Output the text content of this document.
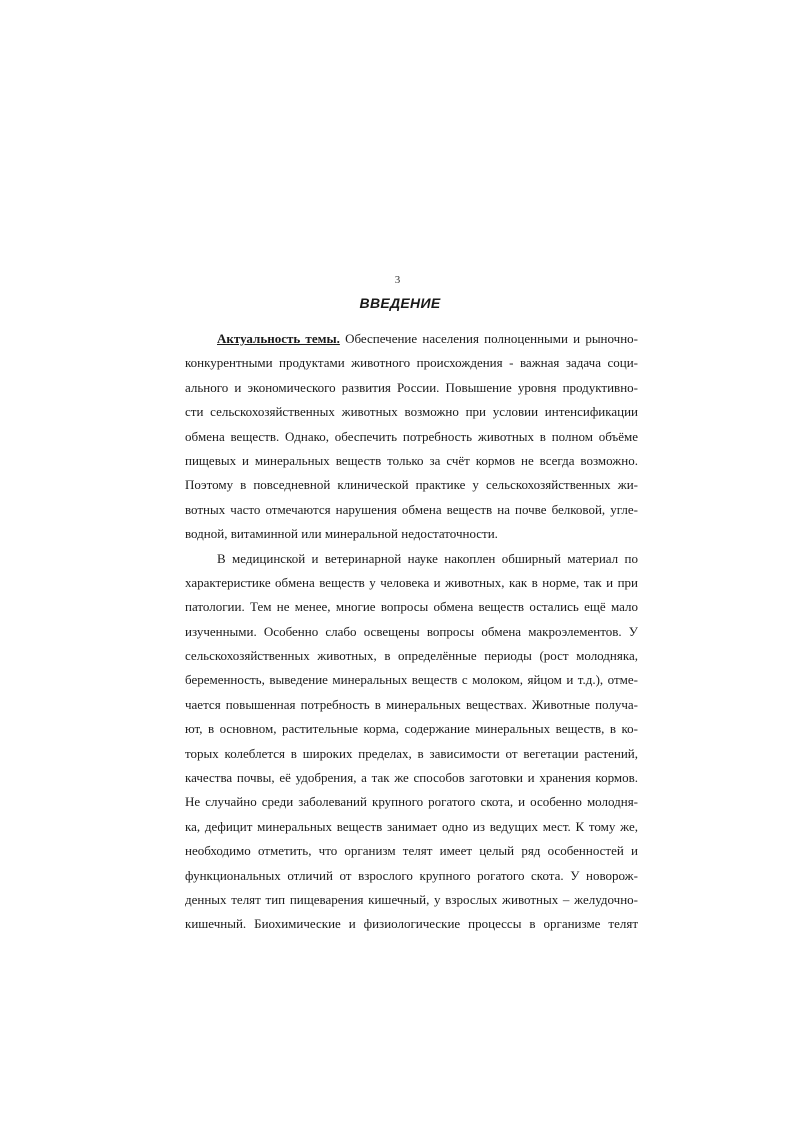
3
ВВЕДЕНИЕ
Актуальность темы. Обеспечение населения полноценными и рыночно-
конкурентными продуктами животного происхождения - важная задача соци-
ального и экономического развития России. Повышение уровня продуктивно-
сти сельскохозяйственных животных возможно при условии интенсификации
обмена веществ. Однако, обеспечить потребность животных в полном объёме
пищевых и минеральных веществ только за счёт кормов не всегда возможно.
Поэтому в повседневной клинической практике у сельскохозяйственных жи-
вотных часто отмечаются нарушения обмена веществ на почве белковой, угле-
водной, витаминной или минеральной недостаточности.
В медицинской и ветеринарной науке накоплен обширный материал по
характеристике обмена веществ у человека и животных, как в норме, так и при
патологии. Тем не менее, многие вопросы обмена веществ остались ещё мало
изученными. Особенно слабо освещены вопросы обмена макроэлементов. У
сельскохозяйственных животных, в определённые периоды (рост молодняка,
беременность, выведение минеральных веществ с молоком, яйцом и т.д.), отме-
чается повышенная потребность в минеральных веществах. Животные получа-
ют, в основном, растительные корма, содержание минеральных веществ, в ко-
торых колеблется в широких пределах, в зависимости от вегетации растений,
качества почвы, её удобрения, а так же способов заготовки и хранения кормов.
Не случайно среди заболеваний крупного рогатого скота, и особенно молодня-
ка, дефицит минеральных веществ занимает одно из ведущих мест. К тому же,
необходимо отметить, что организм телят имеет целый ряд особенностей и
функциональных отличий от взрослого крупного рогатого скота. У новорож-
денных телят тип пищеварения кишечный, у взрослых животных – желудочно-
кишечный. Биохимические и физиологические процессы в организме телят
